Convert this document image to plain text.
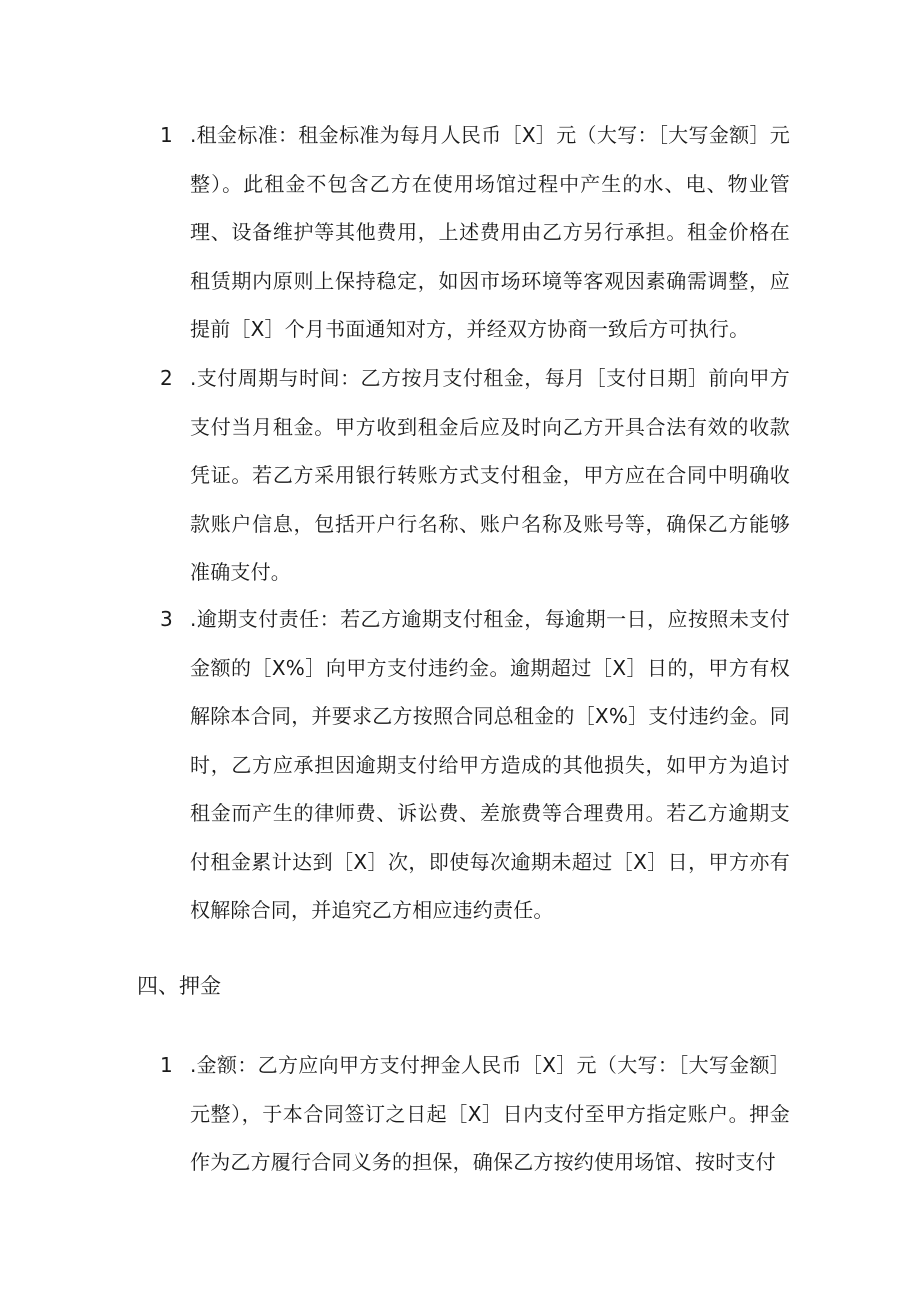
1 .租金标准：租金标准为每月人民币［X］元（大写：［大写金额］元整）。此租金不包含乙方在使用场馆过程中产生的水、电、物业管理、设备维护等其他费用，上述费用由乙方另行承担。租金价格在租赁期内原则上保持稳定，如因市场环境等客观因素确需调整，应提前［X］个月书面通知对方，并经双方协商一致后方可执行。

2 .支付周期与时间：乙方按月支付租金，每月［支付日期］前向甲方支付当月租金。甲方收到租金后应及时向乙方开具合法有效的收款凭证。若乙方采用银行转账方式支付租金，甲方应在合同中明确收款账户信息，包括开户行名称、账户名称及账号等，确保乙方能够准确支付。

3 .逾期支付责任：若乙方逾期支付租金，每逾期一日，应按照未支付金额的［X%］向甲方支付违约金。逾期超过［X］日的，甲方有权解除本合同，并要求乙方按照合同总租金的［X%］支付违约金。同时，乙方应承担因逾期支付给甲方造成的其他损失，如甲方为追讨租金而产生的律师费、诉讼费、差旅费等合理费用。若乙方逾期支付租金累计达到［X］次，即使每次逾期未超过［X］日，甲方亦有权解除合同，并追究乙方相应违约责任。

四、押金
1 .金额：乙方应向甲方支付押金人民币［X］元（大写：［大写金额］元整），于本合同签订之日起［X］日内支付至甲方指定账户。押金作为乙方履行合同义务的担保，确保乙方按约使用场馆、按时支付
